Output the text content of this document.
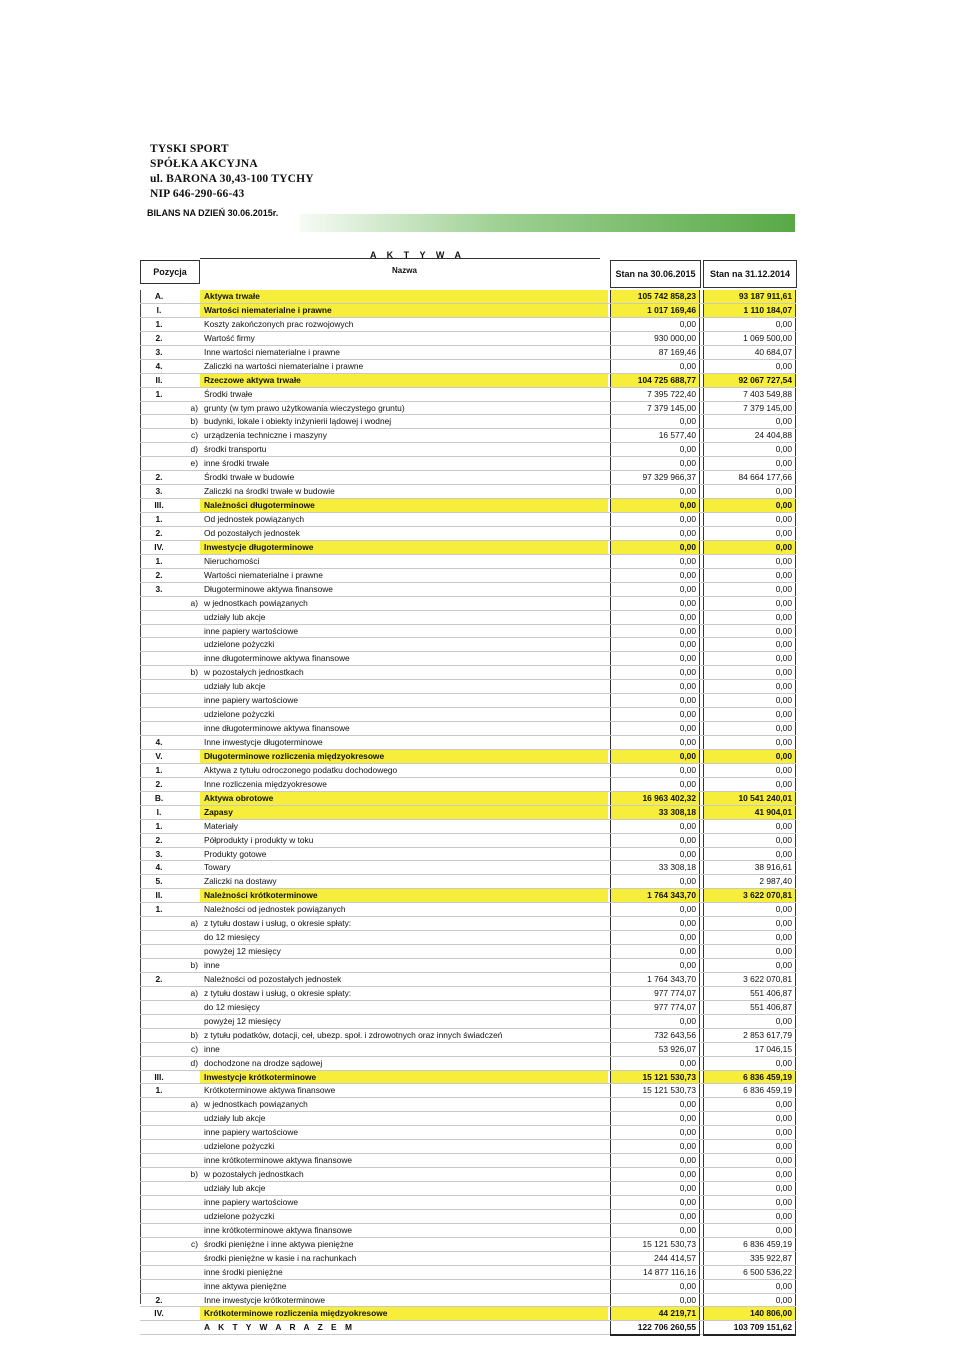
TYSKI SPORT
SPÓŁKA AKCYJNA
ul. BARONA 30,43-100 TYCHY
NIP 646-290-66-43
BILANS NA DZIEŃ 30.06.2015r.
A K T Y W A
Pozycja	Nazwa	Stan na 30.06.2015	Stan na 31.12.2014
A.	Aktywa trwałe	105 742 858,23	93 187 911,61
I.	Wartości niematerialne i prawne	1 017 169,46	1 110 184,07
1.	Koszty zakończonych prac rozwojowych	0,00	0,00
2.	Wartość firmy	930 000,00	1 069 500,00
3.	Inne wartości niematerialne i prawne	87 169,46	40 684,07
4.	Zaliczki na wartości niematerialne i prawne	0,00	0,00
II.	Rzeczowe aktywa trwałe	104 725 688,77	92 067 727,54
1.	Środki trwałe	7 395 722,40	7 403 549,88
a) grunty (w tym prawo użytkowania wieczystego gruntu)	7 379 145,00	7 379 145,00
b) budynki, lokale i obiekty inżynierii lądowej i wodnej	0,00	0,00
c) urządzenia techniczne i maszyny	16 577,40	24 404,88
d) środki transportu	0,00	0,00
e) inne środki trwałe	0,00	0,00
2.	Środki trwałe w budowie	97 329 966,37	84 664 177,66
3.	Zaliczki na środki trwałe w budowie	0,00	0,00
III.	Należności długoterminowe	0,00	0,00
1.	Od jednostek powiązanych	0,00	0,00
2.	Od pozostałych jednostek	0,00	0,00
IV.	Inwestycje długoterminowe	0,00	0,00
1.	Nieruchomości	0,00	0,00
2.	Wartości niematerialne i prawne	0,00	0,00
3.	Długoterminowe aktywa finansowe	0,00	0,00
a) w jednostkach powiązanych	0,00	0,00
udziały lub akcje	0,00	0,00
inne papiery wartościowe	0,00	0,00
udzielone pożyczki	0,00	0,00
inne długoterminowe aktywa finansowe	0,00	0,00
b) w pozostałych jednostkach	0,00	0,00
udziały lub akcje	0,00	0,00
inne papiery wartościowe	0,00	0,00
udzielone pożyczki	0,00	0,00
inne długoterminowe aktywa finansowe	0,00	0,00
4.	Inne inwestycje długoterminowe	0,00	0,00
V.	Długoterminowe rozliczenia międzyokresowe	0,00	0,00
1.	Aktywa z tytułu odroczonego podatku dochodowego	0,00	0,00
2.	Inne rozliczenia międzyokresowe	0,00	0,00
B.	Aktywa obrotowe	16 963 402,32	10 541 240,01
I.	Zapasy	33 308,18	41 904,01
1.	Materiały	0,00	0,00
2.	Półprodukty i produkty w toku	0,00	0,00
3.	Produkty gotowe	0,00	0,00
4.	Towary	33 308,18	38 916,61
5.	Zaliczki na dostawy	0,00	2 987,40
II.	Należności krótkoterminowe	1 764 343,70	3 622 070,81
1.	Należności od jednostek powiązanych	0,00	0,00
a) z tytułu dostaw i usług, o okresie spłaty:	0,00	0,00
do 12 miesięcy	0,00	0,00
powyżej 12 miesięcy	0,00	0,00
b) inne	0,00	0,00
2.	Należności od pozostałych jednostek	1 764 343,70	3 622 070,81
a) z tytułu dostaw i usług, o okresie spłaty:	977 774,07	551 406,87
do 12 miesięcy	977 774,07	551 406,87
powyżej 12 miesięcy	0,00	0,00
b) z tytułu podatków, dotacji, ceł, ubezp. społ. i zdrowotnych oraz innych świadczeń	732 643,56	2 853 617,79
c) inne	53 926,07	17 046,15
d) dochodzone na drodze sądowej	0,00	0,00
III.	Inwestycje krótkoterminowe	15 121 530,73	6 836 459,19
1.	Krótkoterminowe aktywa finansowe	15 121 530,73	6 836 459,19
a) w jednostkach powiązanych	0,00	0,00
udziały lub akcje	0,00	0,00
inne papiery wartościowe	0,00	0,00
udzielone pożyczki	0,00	0,00
inne krótkoterminowe aktywa finansowe	0,00	0,00
b) w pozostałych jednostkach	0,00	0,00
udziały lub akcje	0,00	0,00
inne papiery wartościowe	0,00	0,00
udzielone pożyczki	0,00	0,00
inne krótkoterminowe aktywa finansowe	0,00	0,00
c) środki pieniężne i inne aktywa pieniężne	15 121 530,73	6 836 459,19
środki pieniężne w kasie i na rachunkach	244 414,57	335 922,87
inne środki pieniężne	14 877 116,16	6 500 536,22
inne aktywa pieniężne	0,00	0,00
2.	Inne inwestycje krótkoterminowe	0,00	0,00
IV.	Krótkoterminowe rozliczenia międzyokresowe	44 219,71	140 806,00
A K T Y W A R A Z E M	122 706 260,55	103 709 151,62
